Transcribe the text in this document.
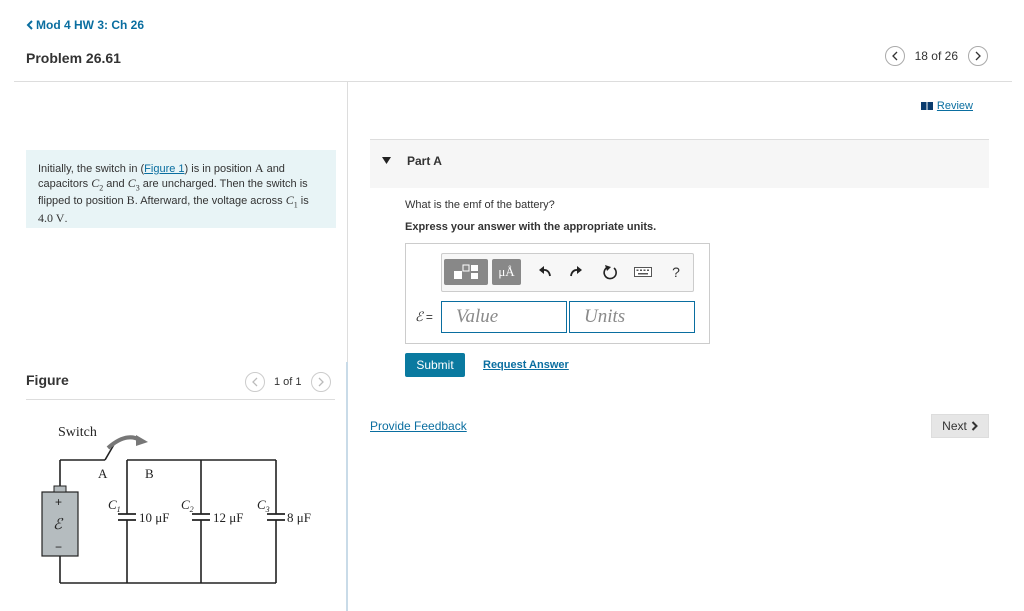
Mod 4 HW 3: Ch 26
Problem 26.61	18 of 26
Initially, the switch in (Figure 1) is in position A and capacitors $C_2$ and $C_3$ are uncharged. Then the switch is flipped to position B. Afterward, the voltage across $C_1$ is 4.0 V.
Figure	1 of 1
Switch
A	B
$C_1$	$C_2$	$C_3$
10 μF	12 μF	8 μF
+
ℰ
−
Review
Part A
What is the emf of the battery?
Express your answer with the appropriate units.
μÅ	?
ℰ =
Value
Units
Submit	Request Answer
Provide Feedback	Next
